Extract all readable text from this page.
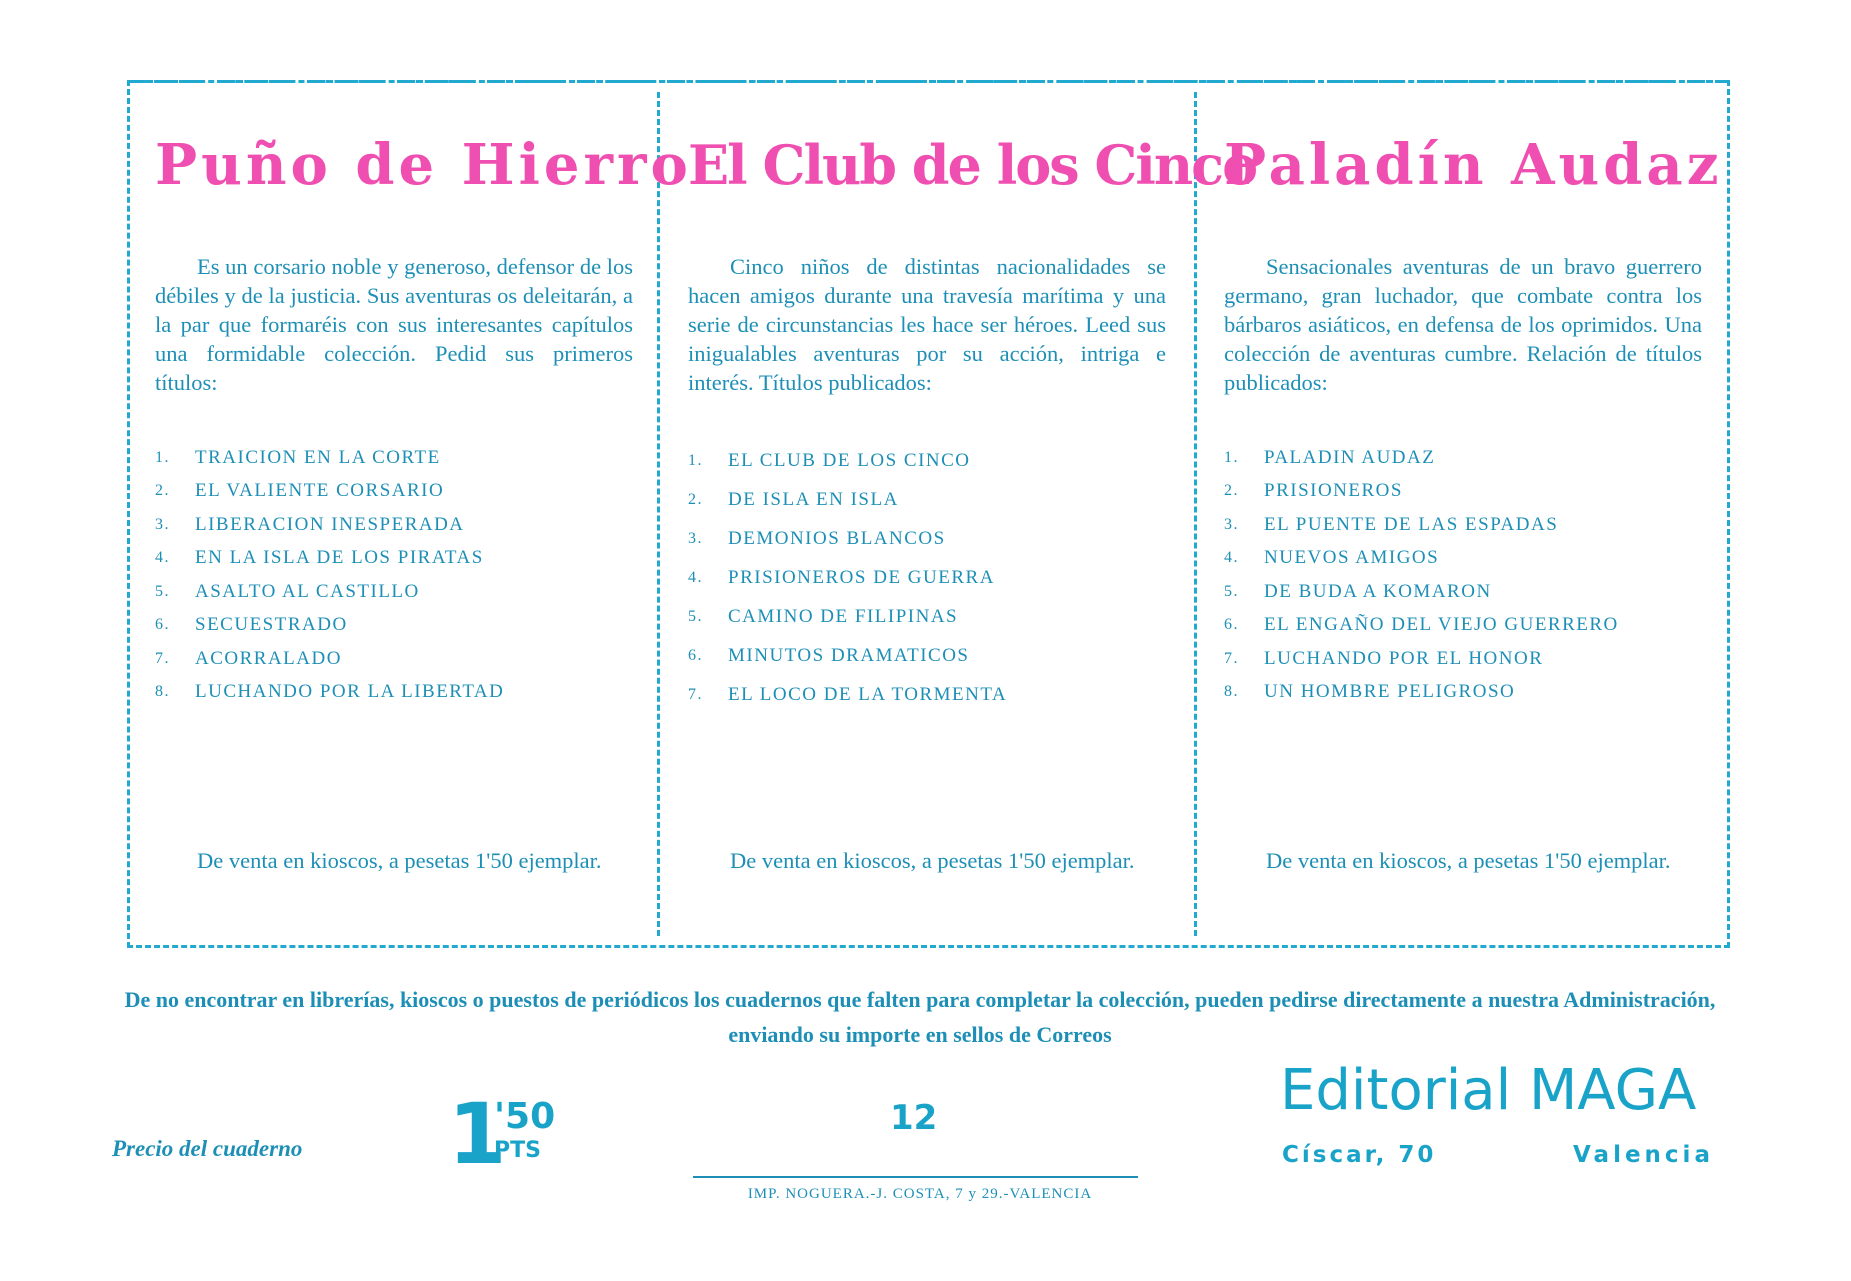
Puño de Hierro
Es un corsario noble y generoso, defensor de los débiles y de la justicia. Sus aventuras os deleitarán, a la par que formaréis con sus interesantes capítulos una formidable colección. Pedid sus primeros títulos:
1.	TRAICION EN LA CORTE
2.	EL VALIENTE CORSARIO
3.	LIBERACION INESPERADA
4.	EN LA ISLA DE LOS PIRATAS
5.	ASALTO AL CASTILLO
6.	SECUESTRADO
7.	ACORRALADO
8.	LUCHANDO POR LA LIBERTAD
De venta en kioscos, a pesetas 1'50 ejemplar.
El Club de los Cinco
Cinco niños de distintas nacionalidades se hacen amigos durante una travesía marítima y una serie de circunstancias les hace ser héroes. Leed sus inigualables aventuras por su acción, intriga e interés. Títulos publicados:
1.	EL CLUB DE LOS CINCO
2.	DE ISLA EN ISLA
3.	DEMONIOS BLANCOS
4.	PRISIONEROS DE GUERRA
5.	CAMINO DE FILIPINAS
6.	MINUTOS DRAMATICOS
7.	EL LOCO DE LA TORMENTA
De venta en kioscos, a pesetas 1'50 ejemplar.
Paladín Audaz
Sensacionales aventuras de un bravo guerrero germano, gran luchador, que combate contra los bárbaros asiáticos, en defensa de los oprimidos. Una colección de aventuras cumbre. Relación de títulos publicados:
1.	PALADIN AUDAZ
2.	PRISIONEROS
3.	EL PUENTE DE LAS ESPADAS
4.	NUEVOS AMIGOS
5.	DE BUDA A KOMARON
6.	EL ENGAÑO DEL VIEJO GUERRERO
7.	LUCHANDO POR EL HONOR
8.	UN HOMBRE PELIGROSO
De venta en kioscos, a pesetas 1'50 ejemplar.
De no encontrar en librerías, kioscos o puestos de periódicos los cuadernos que falten para completar la colección, pueden pedirse directamente a nuestra Administración, enviando su importe en sellos de Correos
Precio del cuaderno 1
'50
PTS
12
IMP. NOGUERA.-J. COSTA, 7 y 29.-VALENCIA
Editorial MAGA
Císcar, 70	Valencia
